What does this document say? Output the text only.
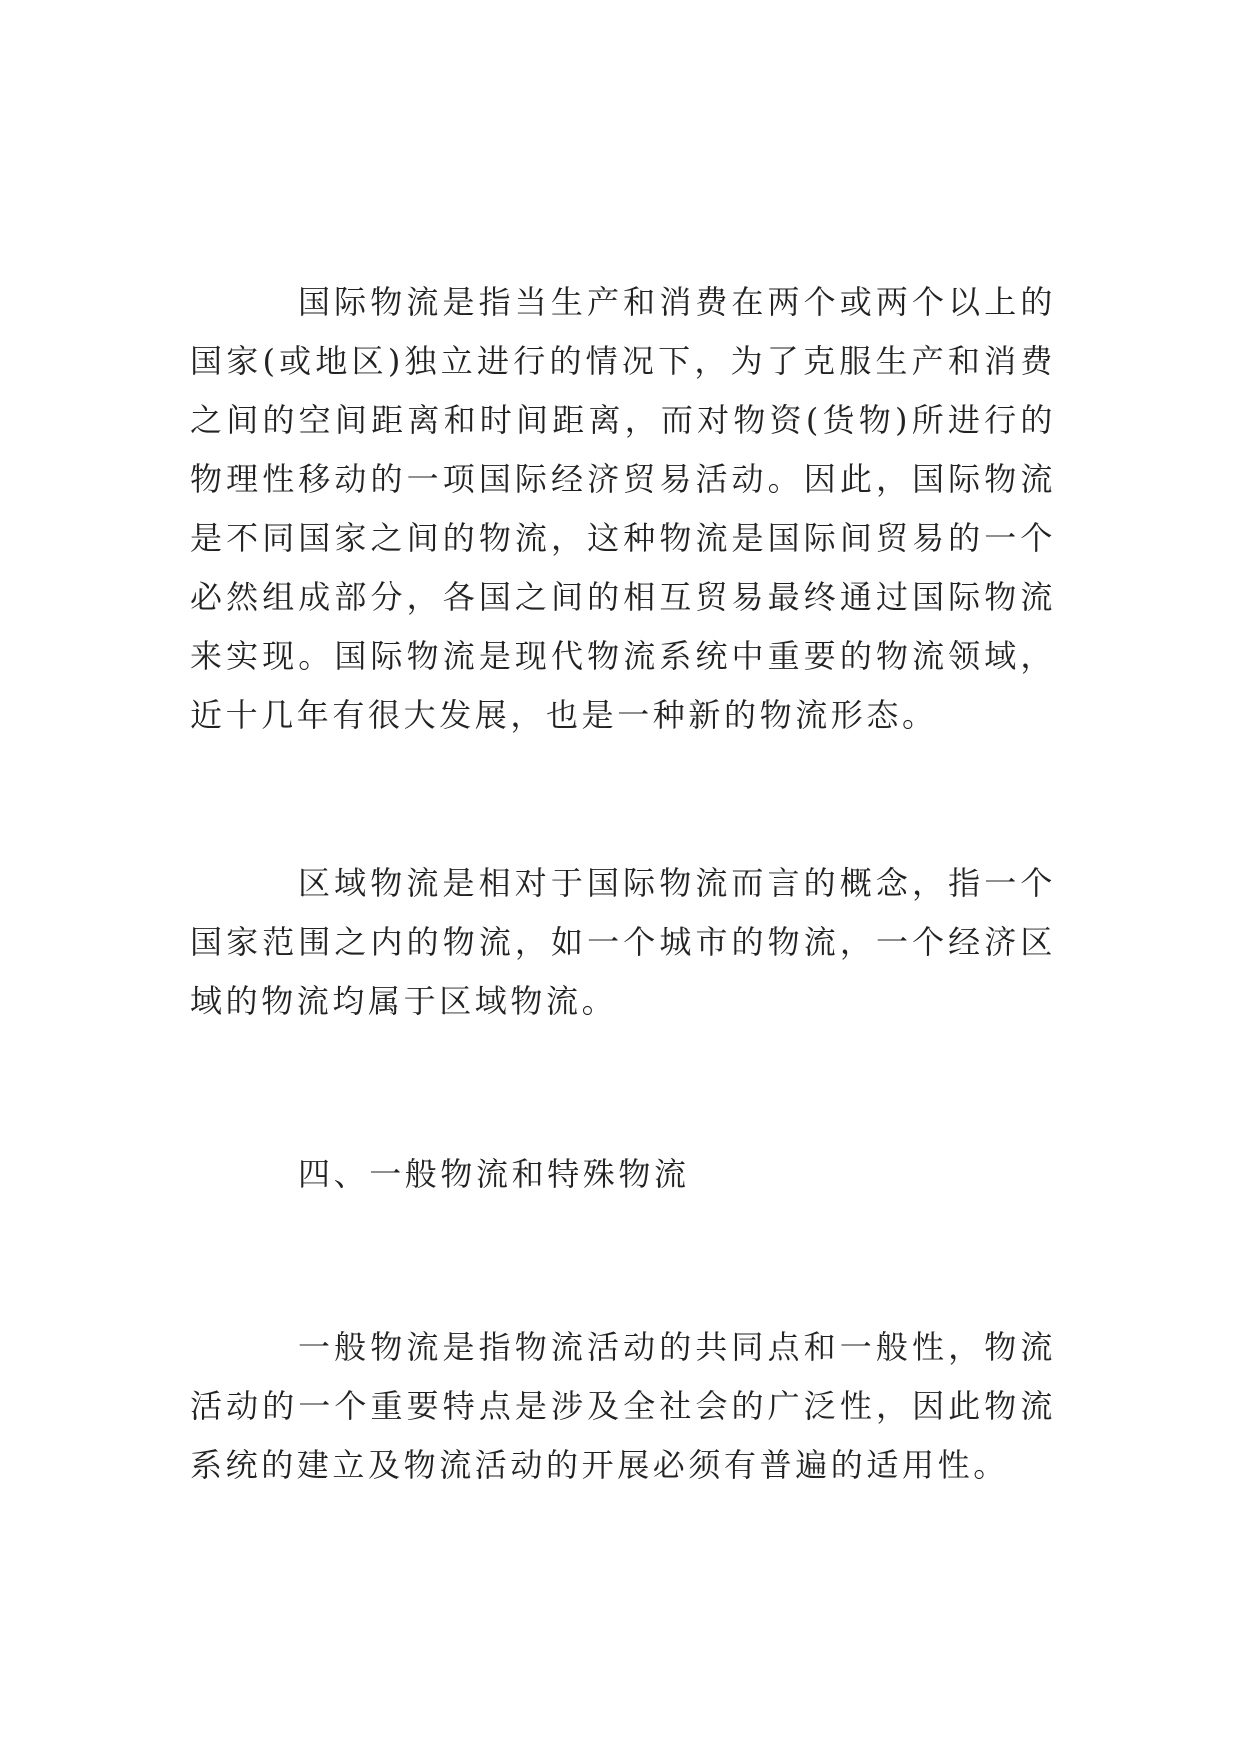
国际物流是指当生产和消费在两个或两个以上的国家(或地区)独立进行的情况下，为了克服生产和消费之间的空间距离和时间距离，而对物资(货物)所进行的物理性移动的一项国际经济贸易活动。因此，国际物流是不同国家之间的物流，这种物流是国际间贸易的一个必然组成部分，各国之间的相互贸易最终通过国际物流来实现。国际物流是现代物流系统中重要的物流领域，近十几年有很大发展，也是一种新的物流形态。

区域物流是相对于国际物流而言的概念，指一个国家范围之内的物流，如一个城市的物流，一个经济区域的物流均属于区域物流。

四、一般物流和特殊物流

一般物流是指物流活动的共同点和一般性，物流活动的一个重要特点是涉及全社会的广泛性，因此物流系统的建立及物流活动的开展必须有普遍的适用性。
